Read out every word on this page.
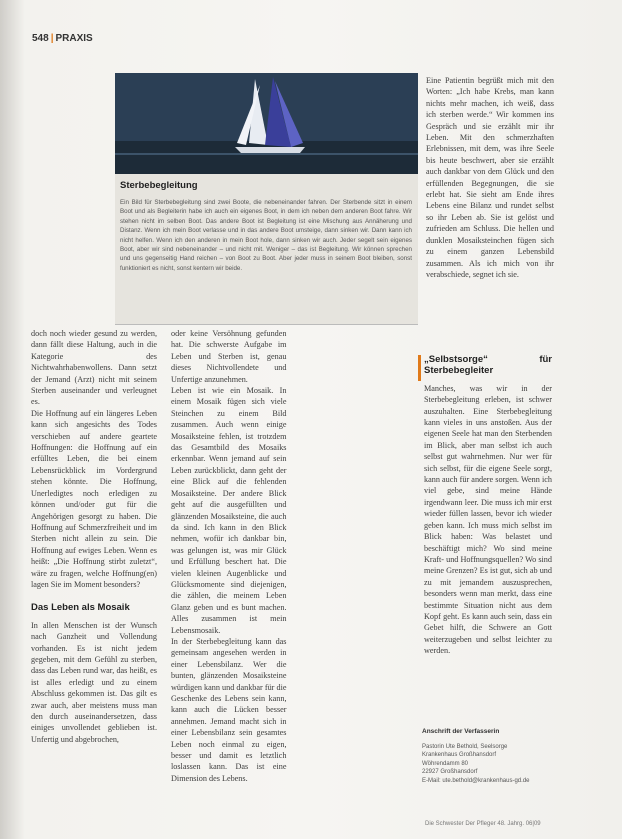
548 | PRAXIS
Sterbebegleitung
Ein Bild für Sterbebegleitung sind zwei Boote, die nebeneinander fahren. Der Sterbende sitzt in einem Boot und als Begleiterin habe ich auch ein eigenes Boot, in dem ich neben dem anderen Boot fahre. Wir stehen nicht im selben Boot. Das andere Boot ist Begleitung ist eine Mischung aus Annäherung und Distanz. Wenn ich mein Boot verlasse und in das andere Boot umsteige, dann sinken wir. Dann kann ich nicht helfen. Wenn ich den anderen in mein Boot hole, dann sinken wir auch. Jeder segelt sein eigenes Boot, aber wir sind nebeneinander – und nicht mit. Weniger – das ist Begleitung. Wir können sprechen und uns gegenseitig Hand reichen – von Boot zu Boot. Aber jeder muss in seinem Boot bleiben, sonst funktioniert es nicht, sonst kentern wir beide.

doch noch wieder gesund zu werden, dann fällt diese Haltung, auch in die Kategorie des Nichtwahrhabenwollens. Dann setzt der Jemand (Arzt) nicht mit seinem Sterben auseinander und verleugnet es.

Die Hoffnung auf ein längeres Leben kann sich angesichts des Todes verschieben auf andere geartete Hoffnungen: die Hoffnung auf ein erfülltes Leben, die bei einem Lebensrückblick im Vordergrund stehen könnte. Die Hoffnung, Unerledigtes noch erledigen zu können und/oder gut für die Angehörigen gesorgt zu haben. Die Hoffnung auf Schmerzfreiheit und im Sterben nicht allein zu sein. Die Hoffnung auf ewiges Leben. Wenn es heißt: „Die Hoffnung stirbt zuletzt“, wäre zu fragen, welche Hoffnung(en) lagen Sie im Moment besonders?

Das Leben als Mosaik

In allen Menschen ist der Wunsch nach Ganzheit und Vollendung vorhanden. Es ist nicht jedem gegeben, mit dem Gefühl zu sterben, dass das Leben rund war, das heißt, es ist alles erledigt und zu einem Abschluss gekommen ist. Das gilt es zwar auch, aber meistens muss man den durch auseinandersetzen, dass einiges unvollendet geblieben ist. Unfertig und abgebrochen,

oder keine Versöhnung gefunden hat. Die schwerste Aufgabe im Leben und Sterben ist, genau dieses Nichtvollendete und Unfertige anzunehmen.

Leben ist wie ein Mosaik. In einem Mosaik fügen sich viele Steinchen zu einem Bild zusammen. Auch wenn einige Mosaiksteine fehlen, ist trotzdem das Gesamtbild des Mosaiks erkennbar. Wenn jemand auf sein Leben zurückblickt, dann geht der eine Blick auf die fehlenden Mosaiksteine. Der andere Blick geht auf die ausgefüllten und glänzenden Mosaiksteine, die auch da sind. Ich kann in den Blick nehmen, wofür ich dankbar bin, was gelungen ist, was mir Glück und Erfüllung beschert hat. Die vielen kleinen Augenblicke und Glücksmomente sind diejenigen, die zählen, die meinem Leben Glanz geben und es bunt machen. Alles zusammen ist mein Lebensmosaik.

In der Sterbebegleitung kann das gemeinsam angesehen werden in einer Lebensbilanz. Wer die bunten, glänzenden Mosaiksteine würdigen kann und dankbar für die Geschenke des Lebens sein kann, kann auch die Lücken besser annehmen. Jemand macht sich in einer Lebensbilanz sein gesamtes Leben noch einmal zu eigen, besser und damit es letztlich loslassen kann. Das ist eine Dimension des Lebens.

Eine Patientin begrüßt mich mit den Worten: „Ich habe Krebs, man kann nichts mehr machen, ich weiß, dass ich sterben werde.“ Wir kommen ins Gespräch und sie erzählt mir ihr Leben. Mit den schmerzhaften Erlebnissen, mit dem, was ihre Seele bis heute beschwert, aber sie erzählt auch dankbar von dem Glück und den erfüllenden Begegnungen, die sie erlebt hat. Sie sieht am Ende ihres Lebens eine Bilanz und rundet selbst so ihr Leben ab. Sie ist gelöst und zufrieden am Schluss. Die hellen und dunklen Mosaiksteinchen fügen sich zu einem ganzen Lebensbild zusammen. Als ich mich von ihr verabschiede, segnet ich sie.

„Selbstsorge“ für Sterbebegleiter

Manches, was wir in der Sterbebegleitung erleben, ist schwer auszuhalten. Eine Sterbebegleitung kann vieles in uns anstoßen. Aus der eigenen Seele hat man den Sterbenden im Blick, aber man selbst ich auch selbst gut wahrnehmen. Nur wer für sich selbst, für die eigene Seele sorgt, kann auch für andere sorgen. Wenn ich viel gebe, sind meine Hände irgendwann leer. Die muss ich mir erst wieder füllen lassen, bevor ich wieder geben kann. Ich muss mich selbst im Blick haben: Was belastet und beschäftigt mich? Wo sind meine Kraft- und Hoffnungsquellen? Wo sind meine Grenzen? Es ist gut, sich ab und zu mit jemandem auszusprechen, besonders wenn man merkt, dass eine bestimmte Situation nicht aus dem Kopf geht. Es kann auch sein, dass ein Gebet hilft, die Schwere an Gott weiterzugeben und selbst leichter zu werden.

Anschrift der Verfasserin
Pastorin Ute Bethold, Seelsorge
Krankenhaus Großhansdorf
Wöhrendamm 80
22927 Großhansdorf
E-Mail: ute.bethold@krankenhaus-gd.de
Die Schwester Der Pfleger 48. Jahrg. 06|09
